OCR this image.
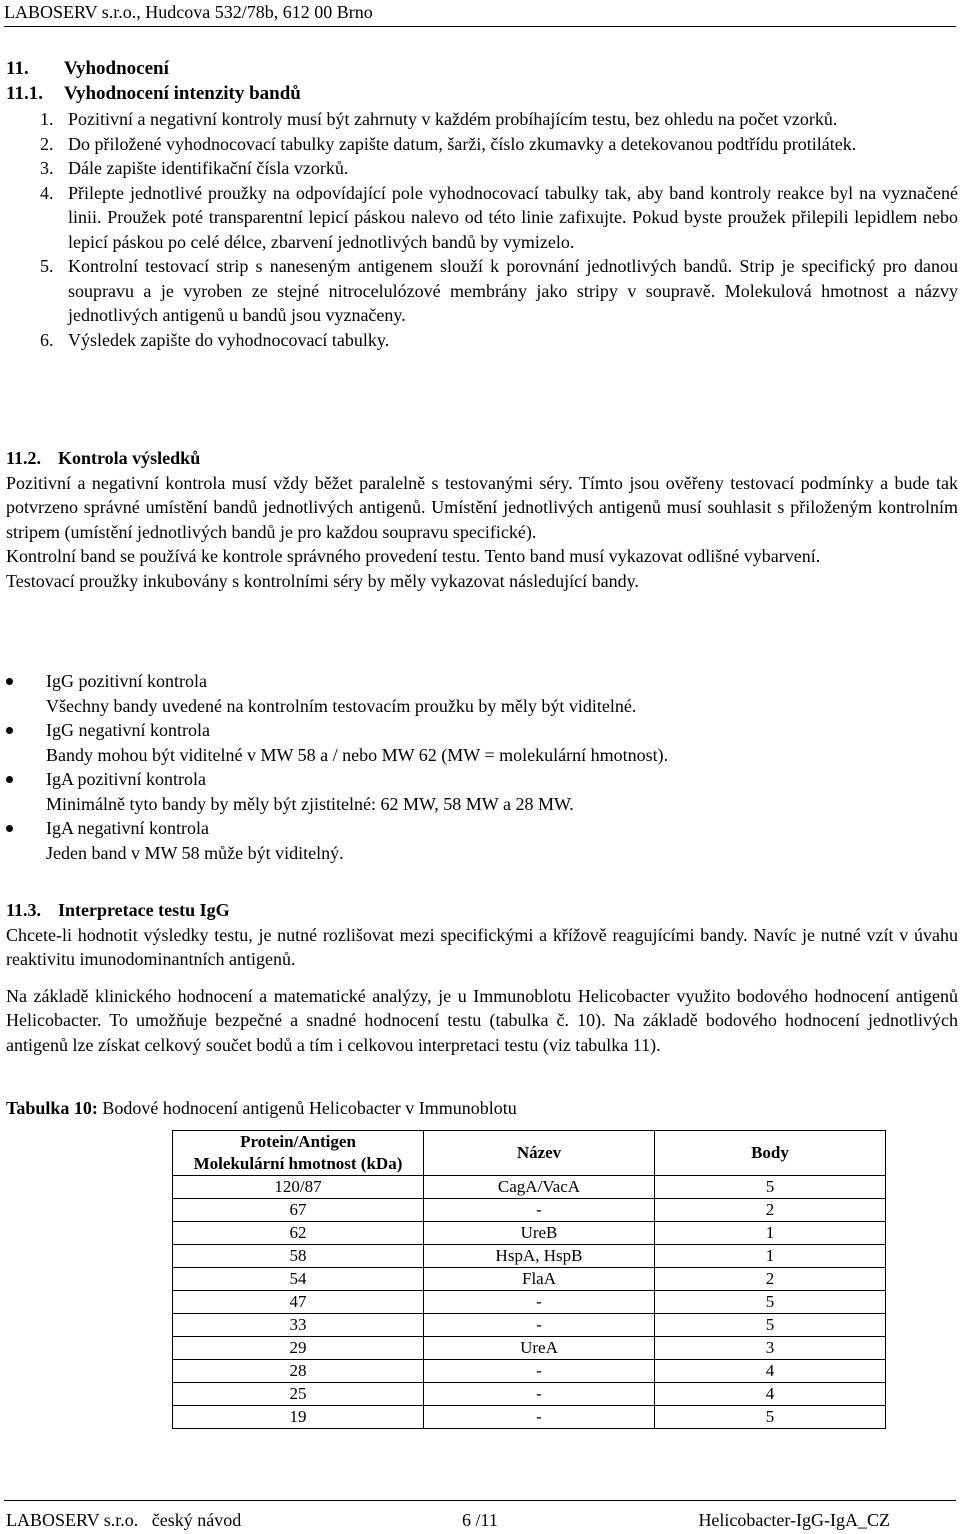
LABOSERV s.r.o., Hudcova 532/78b, 612 00 Brno
11. Vyhodnocení
11.1. Vyhodnocení intenzity bandů
1. Pozitivní a negativní kontroly musí být zahrnuty v každém probíhajícím testu, bez ohledu na počet vzorků.
2. Do přiložené vyhodnocovací tabulky zapište datum, šarži, číslo zkumavky a detekovanou podtřídu protilátek.
3. Dále zapište identifikační čísla vzorků.
4. Přilepte jednotlivé proužky na odpovídající pole vyhodnocovací tabulky tak, aby band kontroly reakce byl na vyznačené linii. Proužek poté transparentní lepicí páskou nalevo od této linie zafixujte. Pokud byste proužek přilepili lepidlem nebo lepicí páskou po celé délce, zbarvení jednotlivých bandů by vymizelo.
5. Kontrolní testovací strip s naneseným antigenem slouží k porovnání jednotlivých bandů. Strip je specifický pro danou soupravu a je vyroben ze stejné nitrocelulózové membrány jako stripy v soupravě. Molekulová hmotnost a názvy jednotlivých antigenů u bandů jsou vyznačeny.
6. Výsledek zapište do vyhodnocovací tabulky.
11.2. Kontrola výsledků
Pozitivní a negativní kontrola musí vždy běžet paralelně s testovanými séry. Tímto jsou ověřeny testovací podmínky a bude tak potvrzeno správné umístění bandů jednotlivých antigenů. Umístění jednotlivých antigenů musí souhlasit s přiloženým kontrolním stripem (umístění jednotlivých bandů je pro každou soupravu specifické).
Kontrolní band se používá ke kontrole správného provedení testu. Tento band musí vykazovat odlišné vybarvení.
Testovací proužky inkubovány s kontrolními séry by měly vykazovat následující bandy.
IgG pozitivní kontrola
Všechny bandy uvedené na kontrolním testovacím proužku by měly být viditelné.
IgG negativní kontrola
Bandy mohou být viditelné v MW 58 a / nebo MW 62 (MW = molekulární hmotnost).
IgA pozitivní kontrola
Minimálně tyto bandy by měly být zjistitelné: 62 MW, 58 MW a 28 MW.
IgA negativní kontrola
Jeden band v MW 58 může být viditelný.
11.3. Interpretace testu IgG
Chcete-li hodnotit výsledky testu, je nutné rozlišovat mezi specifickými a křížově reagujícími bandy. Navíc je nutné vzít v úvahu reaktivitu imunodominantních antigenů.
Na základě klinického hodnocení a matematické analýzy, je u Immunoblotu Helicobacter využito bodového hodnocení antigenů Helicobacter. To umožňuje bezpečné a snadné hodnocení testu (tabulka č. 10). Na základě bodového hodnocení jednotlivých antigenů lze získat celkový součet bodů a tím i celkovou interpretaci testu (viz tabulka 11).
Tabulka 10: Bodové hodnocení antigenů Helicobacter v Immunoblotu
Protein/Antigen
Molekulární hmotnost (kDa)	Název	Body
120/87	CagA/VacA	5
67	-	2
62	UreB	1
58	HspA, HspB	1
54	FlaA	2
47	-	5
33	-	5
29	UreA	3
28	-	4
25	-	4
19	-	5
LABOSERV s.r.o.   český návod	6 /11	Helicobacter-IgG-IgA_CZ
